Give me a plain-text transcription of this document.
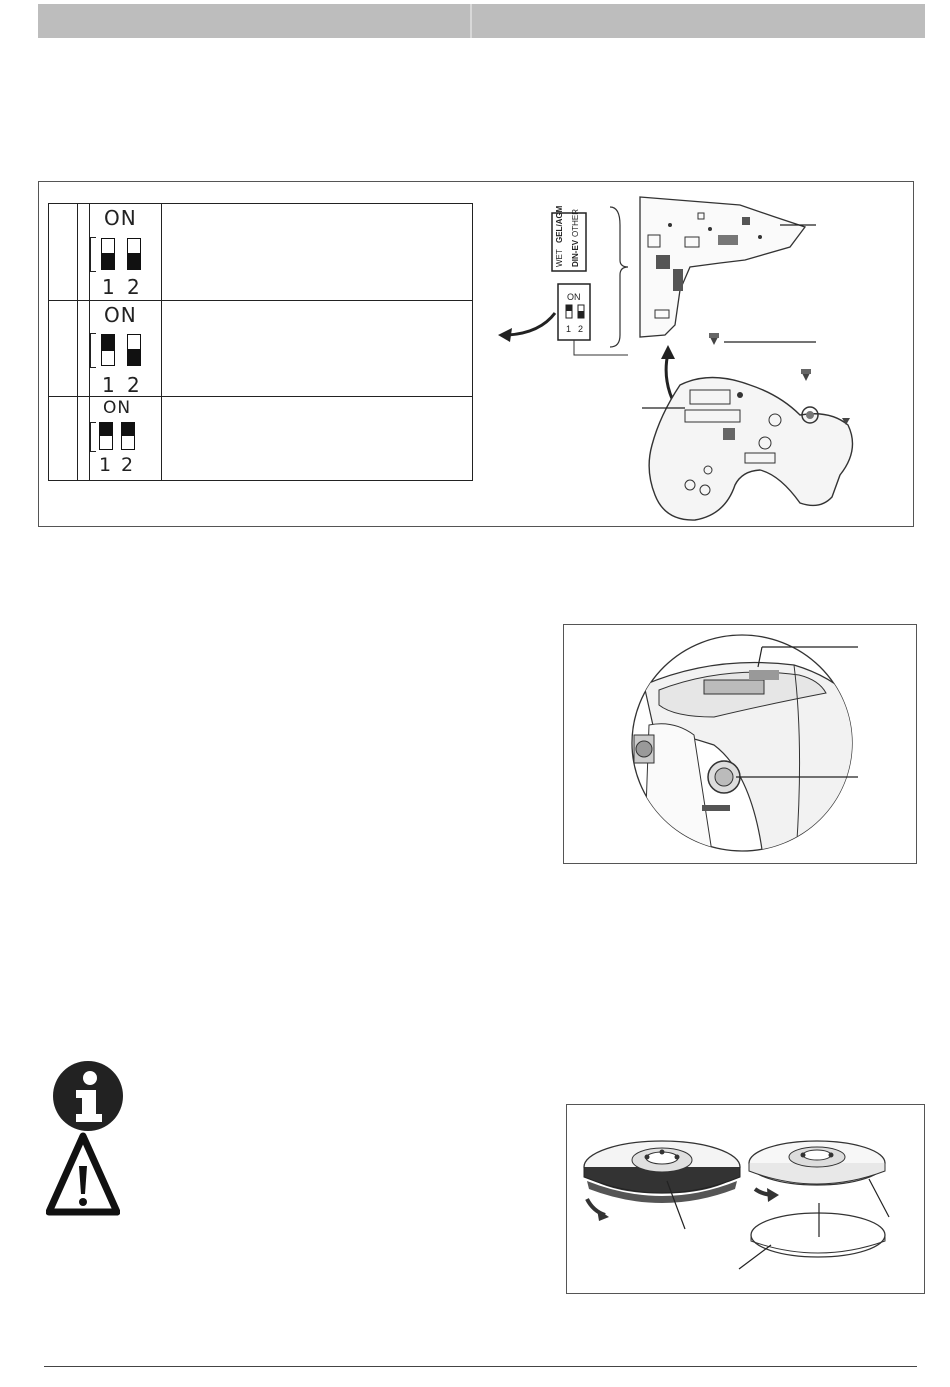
ON
1 2
ON
1 2
ON
1 2
WET
GEL/AGM
DIN-EV
OTHER
ON
1 2
